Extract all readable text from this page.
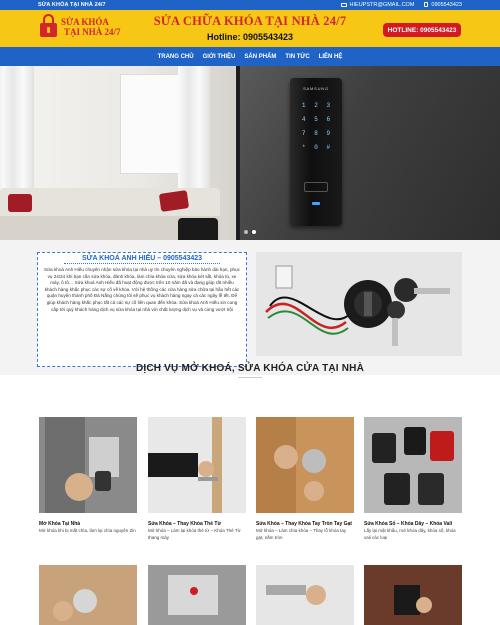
SỬA KHÓA TẠI NHÀ 24/7	HIEUPSTR@GMAIL.COM	0905543423
SỬA KHÓA
TẠI NHÀ 24/7
SỬA CHỮA KHÓA TẠI NHÀ 24/7
Hotline: 0905543423
HOTLINE: 0905543423
TRANG CHỦ GIỚI THIỆU SẢN PHẨM TIN TỨC LIÊN HỆ
SAMSUNG
1	2	3
4	5	6
7	8	9
*	0	#
SỬA KHOÁ ANH HIẾU – 0905543423
Sửa khoá Anh Hiếu chuyên nhận sửa khóa tại nhà uy tín chuyên nghiệp bảo hành dài hạn, phục vụ 24/24 khi bạn cần sửa khóa, đánh khóa, làm chìa khóa cửa, sửa khóa két sắt, khóa tủ, xe máy, ô tô… Sửa khoá Anh Hiếu đã hoạt động được trên 10 năm đã và đang giúp rất nhiều khách hàng khắc phục các sự cố về khóa. Với hệ thống các cửa hàng sửa chữa tại hầu hết các quận huyện thành phố Đà Nẵng chúng tôi sẽ phục vụ khách hàng ngay cả các ngày lễ tết. Để giúp khách hàng khắc phục tất cả các sự cố liên quan đến khóa. Sửa khoá Anh Hiếu xin cung cấp tới quý khách hàng dịch vụ sửa khóa tại nhà với chất lượng dịch vụ và cùng vượt trội
DỊCH VỤ MỞ KHOÁ, SỬA KHÓA CỬA TẠI NHÀ
Mở Khóa Tại Nhà
Mở khóa khi bị mất chìa, làm lại chìa nguyên Zin
Sửa Khóa – Thay Khóa Thẻ Từ
Mở khóa – Làm lại khóa thẻ từ – Khóa Thẻ Từ thang máy
Sửa Khóa – Thay Khóa Tay Tròn Tay Gạt
Mở khóa – Làm chìa khóa – Thay lỗ khóa tay gạt, nắm tròn
Sửa Khóa Số – Khóa Dây – Khóa Vali
Lấy lại mật khẩu, mở khóa dây, khóa số, khóa vali các loại
